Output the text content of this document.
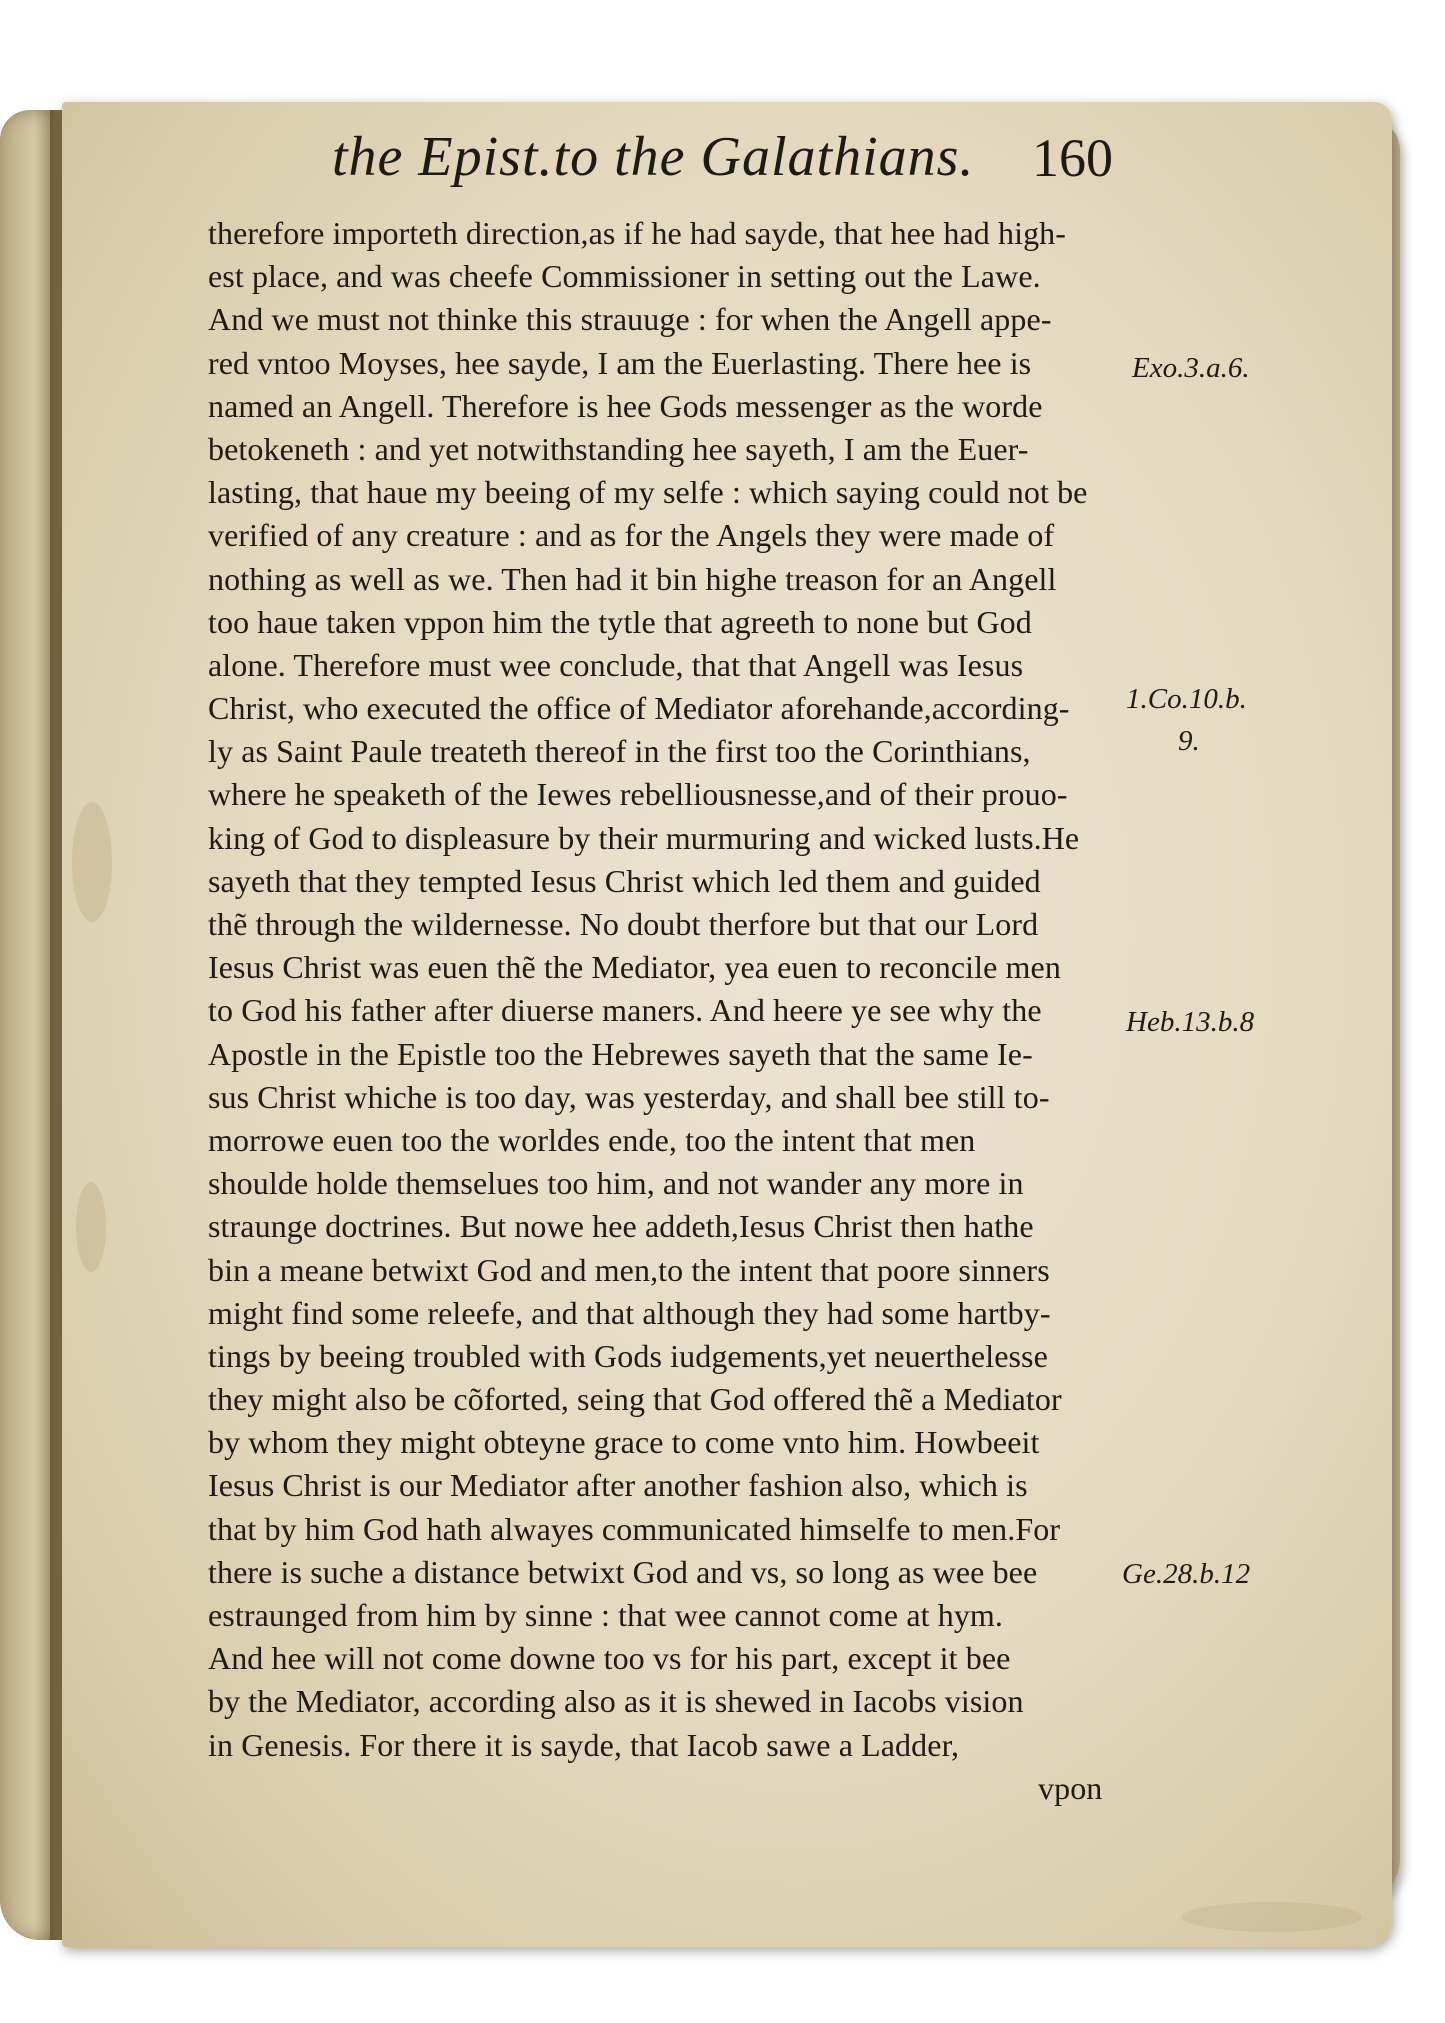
the Epist.to the Galathians. 160
therefore importeth direction,as if he had sayde, that hee had high-
est place, and was cheefe Commissioner in setting out the Lawe.
And we must not thinke this strauuge : for when the Angell appe-
red vntoo Moyses, hee sayde, I am the Euerlasting. There hee is
named an Angell. Therefore is hee Gods messenger as the worde
betokeneth : and yet notwithstanding hee sayeth, I am the Euer-
lasting, that haue my beeing of my selfe : which saying could not be
verified of any creature : and as for the Angels they were made of
nothing as well as we. Then had it bin highe treason for an Angell
too haue taken vppon him the tytle that agreeth to none but God
alone. Therefore must wee conclude, that that Angell was Iesus
Christ, who executed the office of Mediator aforehande,according-
ly as Saint Paule treateth thereof in the first too the Corinthians,
where he speaketh of the Iewes rebelliousnesse,and of their prouo-
king of God to displeasure by their murmuring and wicked lusts.He
sayeth that they tempted Iesus Christ which led them and guided
thẽ through the wildernesse. No doubt therfore but that our Lord
Iesus Christ was euen thẽ the Mediator, yea euen to reconcile men
to God his father after diuerse maners. And heere ye see why the
Apostle in the Epistle too the Hebrewes sayeth that the same Ie-
sus Christ whiche is too day, was yesterday, and shall bee still to-
morrowe euen too the worldes ende, too the intent that men
shoulde holde themselues too him, and not wander any more in
straunge doctrines. But nowe hee addeth,Iesus Christ then hathe
bin a meane betwixt God and men,to the intent that poore sinners
might find some releefe, and that although they had some hartby-
tings by beeing troubled with Gods iudgements,yet neuerthelesse
they might also be cõforted, seing that God offered thẽ a Mediator
by whom they might obteyne grace to come vnto him. Howbeeit
Iesus Christ is our Mediator after another fashion also, which is
that by him God hath alwayes communicated himselfe to men.For
there is suche a distance betwixt God and vs, so long as wee bee
estraunged from him by sinne : that wee cannot come at hym.
And hee will not come downe too vs for his part, except it bee
by the Mediator, according also as it is shewed in Iacobs vision
in Genesis. For there it is sayde, that Iacob sawe a Ladder,
vpon
Exo.3.a.6.
1.Co.10.b.
9.
Heb.13.b.8
Ge.28.b.12
